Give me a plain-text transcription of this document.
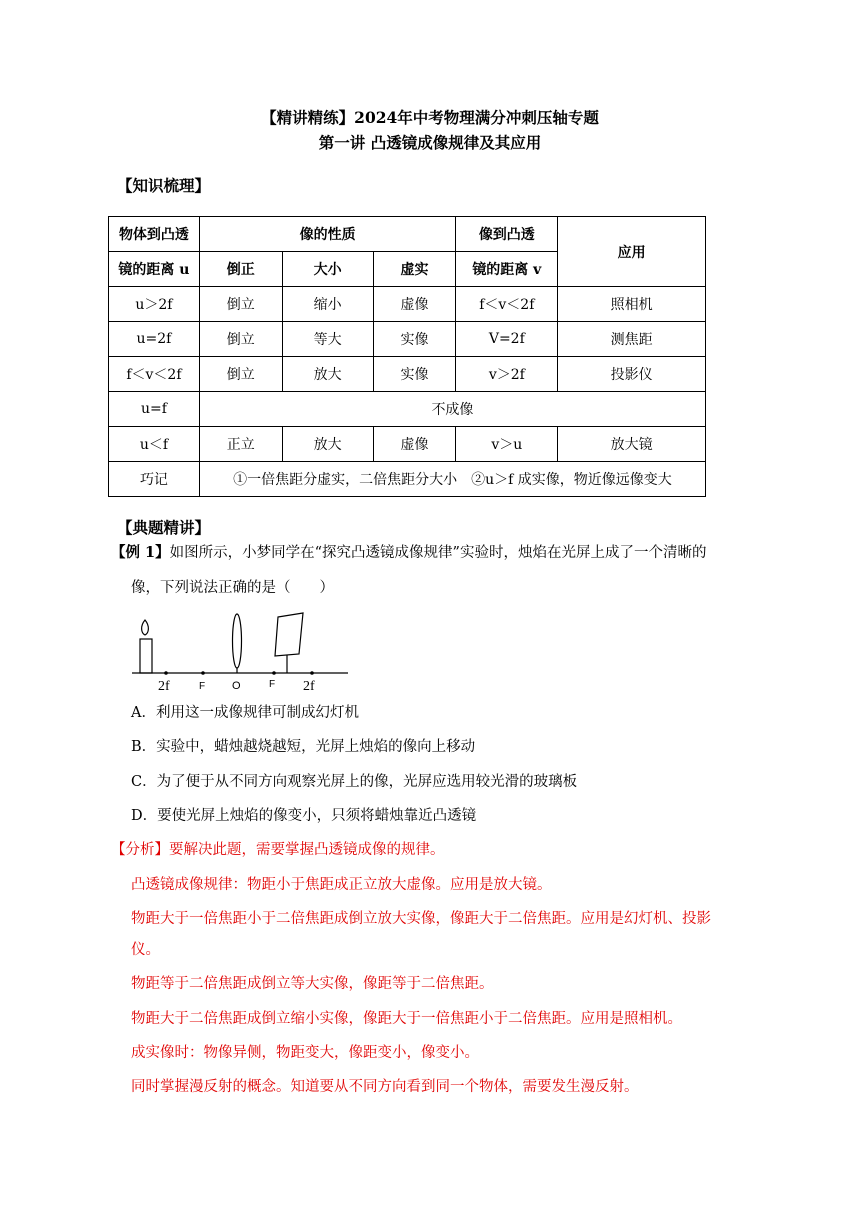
【精讲精练】2024年中考物理满分冲刺压轴专题
第一讲 凸透镜成像规律及其应用
【知识梳理】
物体到凸透	像的性质			像到凸透	应用
镜的距离 u	倒正	大小	虚实	镜的距离 v	
u＞2f	倒立	缩小	虚像	f＜v＜2f	照相机
u=2f	倒立	等大	实像	V=2f	测焦距
f＜v＜2f	倒立	放大	实像	v＞2f	投影仪
u=f	不成像				
u＜f	正立	放大	虚像	v＞u	放大镜
巧记	①一倍焦距分虚实，二倍焦距分大小　②u＞f 成实像，物近像远像变大				
【典题精讲】
【例 1】如图所示，小梦同学在“探究凸透镜成像规律”实验时，烛焰在光屏上成了一个清晰的
像，下列说法正确的是（　　）
2f	F O	F 2f
A．利用这一成像规律可制成幻灯机
B．实验中，蜡烛越烧越短，光屏上烛焰的像向上移动
C．为了便于从不同方向观察光屏上的像，光屏应选用较光滑的玻璃板
D．要使光屏上烛焰的像变小，只须将蜡烛靠近凸透镜
【分析】要解决此题，需要掌握凸透镜成像的规律。
凸透镜成像规律：物距小于焦距成正立放大虚像。应用是放大镜。
物距大于一倍焦距小于二倍焦距成倒立放大实像，像距大于二倍焦距。应用是幻灯机、投影
仪。
物距等于二倍焦距成倒立等大实像，像距等于二倍焦距。
物距大于二倍焦距成倒立缩小实像，像距大于一倍焦距小于二倍焦距。应用是照相机。
成实像时：物像异侧，物距变大，像距变小，像变小。
同时掌握漫反射的概念。知道要从不同方向看到同一个物体，需要发生漫反射。
